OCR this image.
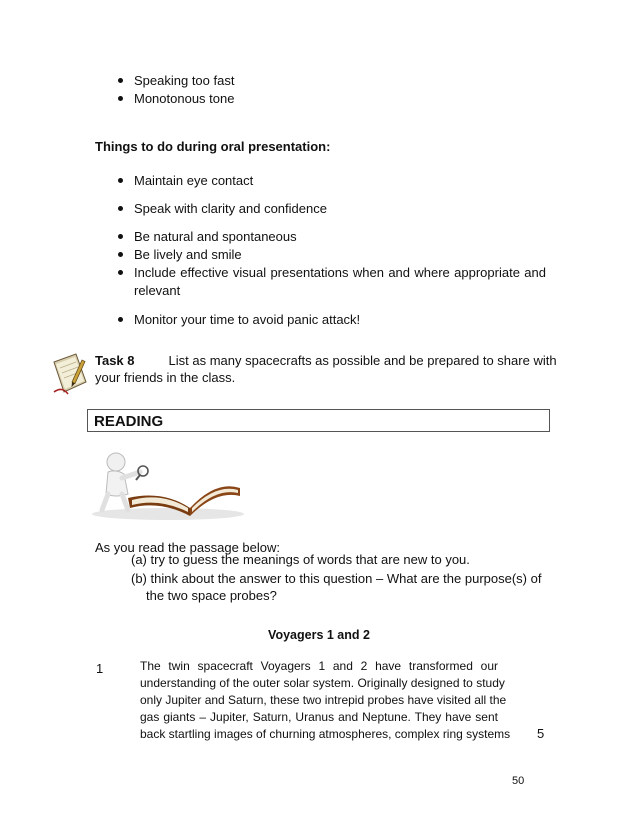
Speaking too fast
Monotonous tone
Things to do during oral presentation:
Maintain eye contact
Speak with clarity and confidence
Be natural and spontaneous
Be lively and smile
Include effective visual presentations when and where appropriate and relevant
Monitor your time to avoid panic attack!
Task 8	List as many spacecrafts as possible and be prepared to share with
your friends in the class.
READING
As you read the passage below:
(a) try to guess the meanings of words that are new to you.
(b) think about the answer to this question – What are the purpose(s) of
the two space probes?
Voyagers 1 and 2
1	The twin spacecraft Voyagers 1 and 2 have transformed our
understanding of the outer solar system. Originally designed to study
only Jupiter and Saturn, these two intrepid probes have visited all the
gas giants – Jupiter, Saturn, Uranus and Neptune. They have sent
back startling images of churning atmospheres, complex ring systems 5
50
